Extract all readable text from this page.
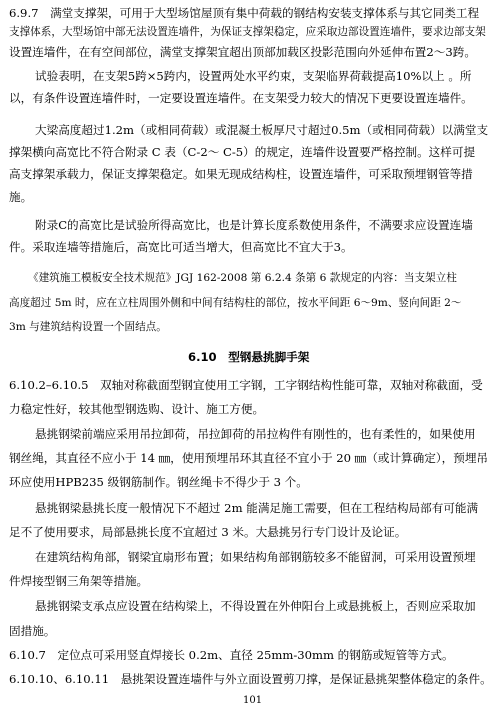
6.9.7　满堂支撑架，可用于大型场馆屋顶有集中荷载的钢结构安装支撑体系与其它同类工程
支撑体系，大型场馆中部无法设置连墙件，为保证支撑架稳定，应采取边部设置连墙件，要求边部支架
设置连墙件，在有空间部位，满堂支撑架宜超出顶部加载区投影范围向外延伸布置2～3跨。
试验表明，在支架5跨×5跨内，设置两处水平约束，支架临界荷载提高10%以上 。所
以，有条件设置连墙件时，一定要设置连墙件。在支架受力较大的情况下更要设置连墙件。
大梁高度超过1.2m（或相同荷载）或混凝土板厚尺寸超过0.5m（或相同荷载）以满堂支
撑架横向高宽比不符合附录 C 表（C-2～ C-5）的规定，连墙件设置要严格控制。这样可提
高支撑架承载力，保证支撑架稳定。如果无现成结构柱，设置连墙件，可采取预埋钢管等措
施。
附录C的高宽比是试验所得高宽比，也是计算长度系数使用条件，不满要求应设置连墙
件。采取连墙等措施后，高宽比可适当增大，但高宽比不宜大于3。
《建筑施工模板安全技术规范》JGJ 162-2008 第 6.2.4 条第 6 款规定的内容：当支架立柱
高度超过 5m 时，应在立柱周围外侧和中间有结构柱的部位，按水平间距 6～9m、竖向间距 2～
3m 与建筑结构设置一个固结点。
6.10　型钢悬挑脚手架
6.10.2–6.10.5　双轴对称截面型钢宜使用工字钢，工字钢结构性能可靠，双轴对称截面，受
力稳定性好，较其他型钢选购、设计、施工方便。
悬挑钢梁前端应采用吊拉卸荷，吊拉卸荷的吊拉构件有刚性的，也有柔性的，如果使用
钢丝绳，其直径不应小于 14 ㎜，使用预埋吊环其直径不宜小于 20 ㎜（或计算确定），预埋吊
环应使用HPB235 级钢筋制作。钢丝绳卡不得少于 3 个。
悬挑钢梁悬挑长度一般情况下不超过 2m 能满足施工需要，但在工程结构局部有可能满
足不了使用要求，局部悬挑长度不宜超过 3 米。大悬挑另行专门设计及论证。
在建筑结构角部，钢梁宜扇形布置；如果结构角部钢筋较多不能留洞，可采用设置预埋
件焊接型钢三角架等措施。
悬挑钢梁支承点应设置在结构梁上，不得设置在外伸阳台上或悬挑板上，否则应采取加
固措施。
6.10.7　定位点可采用竖直焊接长 0.2m、直径 25mm-30mm 的钢筋或短管等方式。
6.10.10、6.10.11　悬挑架设置连墙件与外立面设置剪刀撑，是保证悬挑架整体稳定的条件。
101
